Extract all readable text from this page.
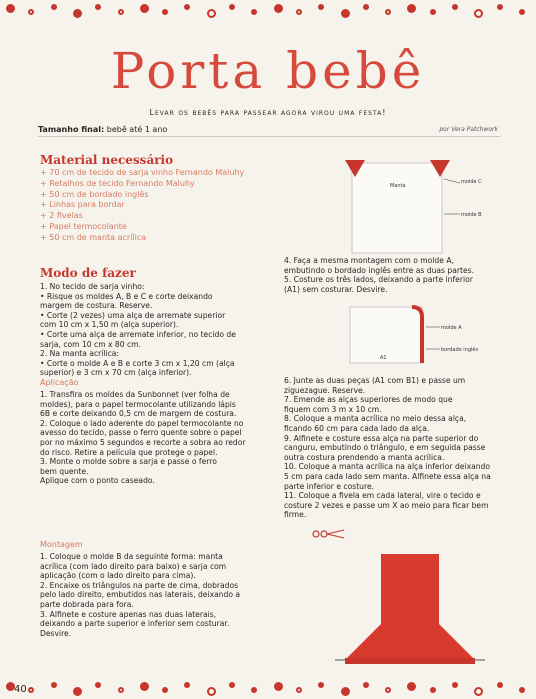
Porta bebê
Levar os bebês para passear agora virou uma festa!
Tamanho final: bebê até 1 ano	por Vera Patchwork
Material necessário
+ 70 cm de tecido de sarja vinho Fernando Maluhy
+ Retalhos de tecido Fernando Maluhy
+ 50 cm de bordado inglês
+ Linhas para bordar
+ 2 fivelas
+ Papel termocolante
+ 50 cm de manta acrílica
Modo de fazer

1. No tecido de sarja vinho:

• Risque os moldes A, B e C e corte deixando

margem de costura. Reserve.

• Corte (2 vezes) uma alça de arremate superior

com 10 cm x 1,50 m (alça superior).

• Corte uma alça de arremate inferior, no tecido de

sarja, com 10 cm x 80 cm.

2. Na manta acrílica:

• Corte o molde A e B e corte 3 cm x 1,20 cm (alça

superior) e 3 cm x 70 cm (alça inferior).

Aplicação

1. Transfira os moldes da Sunbonnet (ver folha de

moldes), para o papel termocolante utilizando lápis

6B e corte deixando 0,5 cm de margem de costura.

2. Coloque o lado aderente do papel termocolante no

avesso do tecido, passe o ferro quente sobre o papel

por no máximo 5 segundos e recorte a sobra ao redor

do risco. Retire a película que protege o papel.

3. Monte o molde sobre a sarja e passe o ferro

bem quente.

Aplique com o ponto caseado.

Montagem

1. Coloque o molde B da seguinte forma: manta

acrílica (com lado direito para baixo) e sarja com

aplicação (com o lado direito para cima).

2. Encaixe os triângulos na parte de cima, dobrados

pelo lado direito, embutidos nas laterais, deixando a

parte dobrada para fora.

3. Alfinete e costure apenas nas duas laterais,

deixando a parte superior e inferior sem costurar.

Desvire.

Manta
molde C
molde B

4. Faça a mesma montagem com o molde A,

embutindo o bordado inglês entre as duas partes.

5. Costure os três lados, deixando a parte inferior

(A1) sem costurar. Desvire.

molde A
bordado inglês
A1

6. Junte as duas peças (A1 com B1) e passe um

ziguezague. Reserve.

7. Emende as alças superiores de modo que

fiquem com 3 m x 10 cm.

8. Coloque a manta acrílica no meio dessa alça,

ficando 60 cm para cada lado da alça.

9. Alfinete e costure essa alça na parte superior do

canguru, embutindo o triângulo, e em seguida passe

outra costura prendendo a manta acrílica.

10. Coloque a manta acrílica na alça inferior deixando

5 cm para cada lado sem manta. Alfinete essa alça na

parte inferior e costure.

11. Coloque a fivela em cada lateral, vire o tecido e

costure 2 vezes e passe um X ao meio para ficar bem

firme.

40
